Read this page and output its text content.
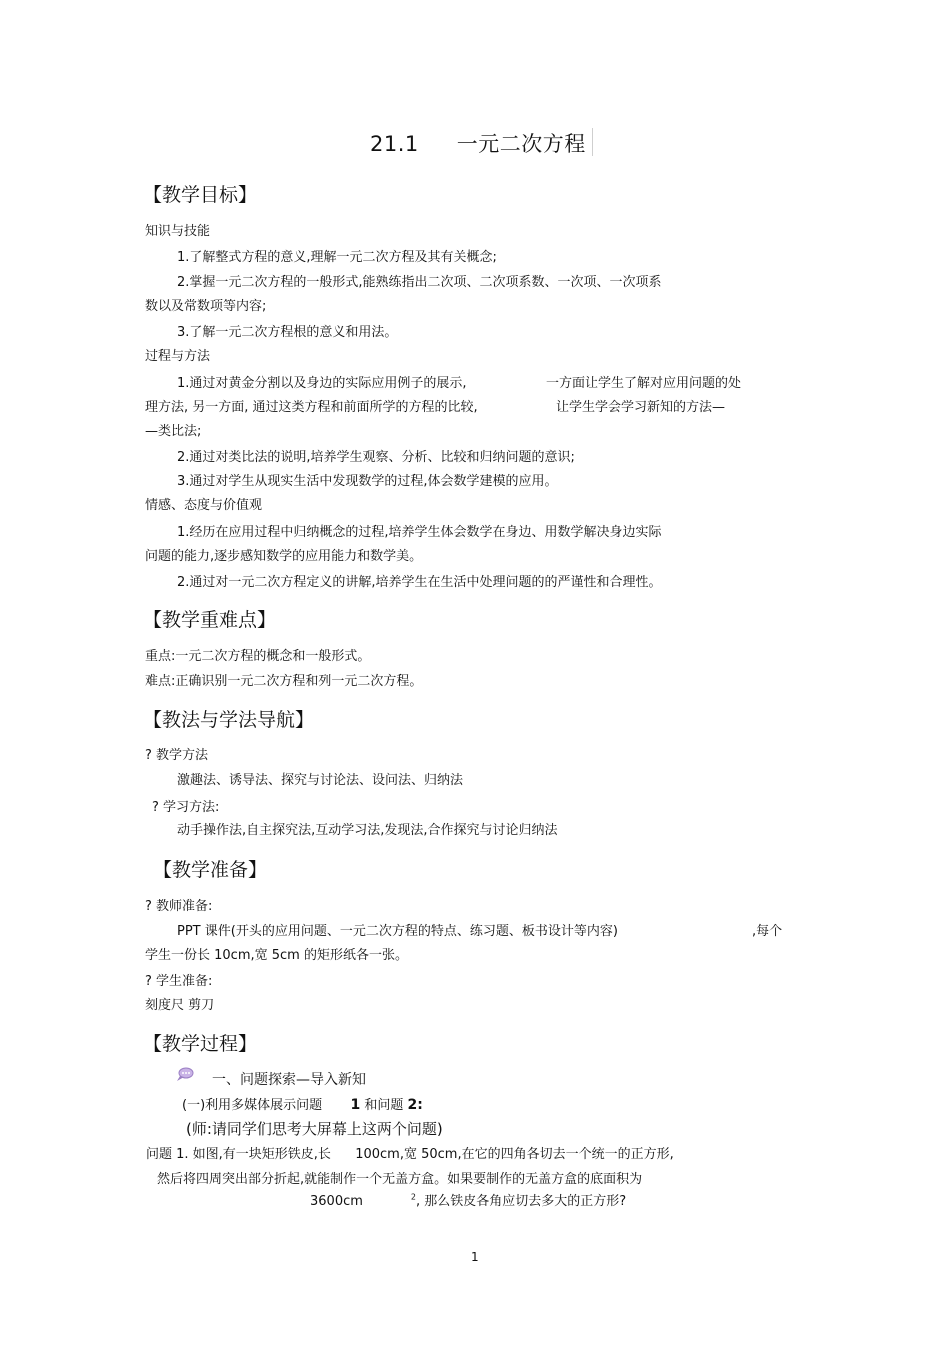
21.1 一元二次方程
【教学目标】
知识与技能
1.了解整式方程的意义,理解一元二次方程及其有关概念;
2.掌握一元二次方程的一般形式,能熟练指出二次项、二次项系数、一次项、一次项系
数以及常数项等内容;
3.了解一元二次方程根的意义和用法。
过程与方法
1.通过对黄金分割以及身边的实际应用例子的展示,	一方面让学生了解对应用问题的处
理方法, 另一方面, 通过这类方程和前面所学的方程的比较,	让学生学会学习新知的方法—
—类比法;
2.通过对类比法的说明,培养学生观察、分析、比较和归纳问题的意识;
3.通过对学生从现实生活中发现数学的过程,体会数学建模的应用。
情感、态度与价值观
1.经历在应用过程中归纳概念的过程,培养学生体会数学在身边、用数学解决身边实际
问题的能力,逐步感知数学的应用能力和数学美。
2.通过对一元二次方程定义的讲解,培养学生在生活中处理问题的的严谨性和合理性。
【教学重难点】
重点:一元二次方程的概念和一般形式。
难点:正确识别一元二次方程和列一元二次方程。
【教法与学法导航】
? 教学方法
激趣法、诱导法、探究与讨论法、设问法、归纳法
? 学习方法:
动手操作法,自主探究法,互动学习法,发现法,合作探究与讨论归纳法
【教学准备】
? 教师准备:
PPT 课件(开头的应用问题、一元二次方程的特点、练习题、板书设计等内容)	,每个
学生一份长 10cm,宽 5cm 的矩形纸各一张。
? 学生准备:
刻度尺 剪刀
【教学过程】
一、问题探索—导入新知
(一)利用多媒体展示问题 1 和问题 2:
(师:请同学们思考大屏幕上这两个问题)
问题 1. 如图,有一块矩形铁皮,长 100cm,宽 50cm,在它的四角各切去一个统一的正方形,
然后将四周突出部分折起,就能制作一个无盖方盒。如果要制作的无盖方盒的底面积为
3600cm	$^2$, 那么铁皮各角应切去多大的正方形?
1
